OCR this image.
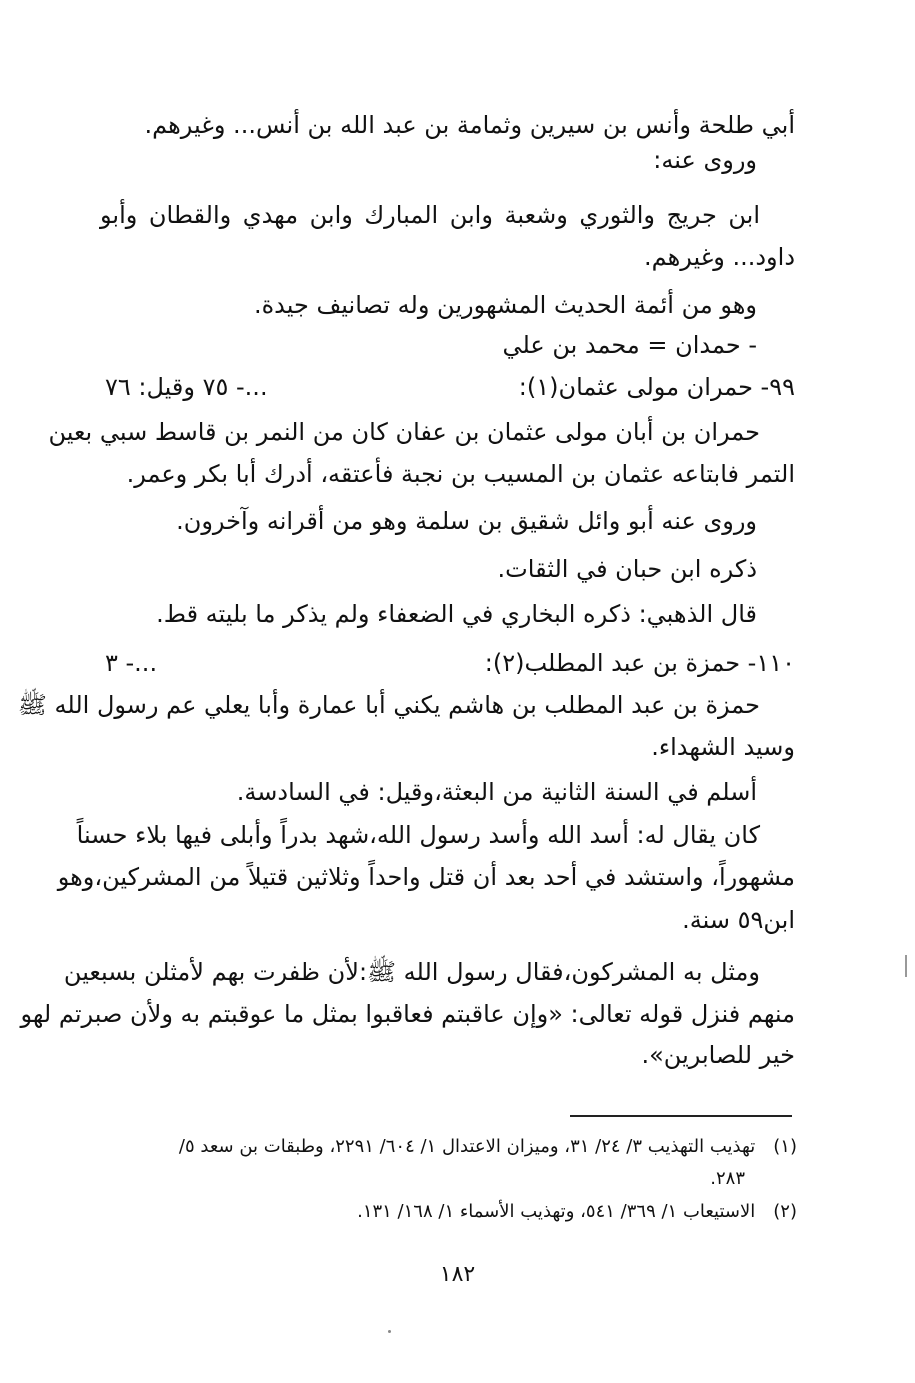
أبي طلحة وأنس بن سيرين وثمامة بن عبد الله بن أنس... وغيرهم.
وروى عنه:
ابن جريج والثوري وشعبة وابن المبارك وابن مهدي والقطان وأبو
داود... وغيرهم.
وهو من أئمة الحديث المشهورين وله تصانيف جيدة.
- حمدان = محمد بن علي
٩٩- حمران مولى عثمان(١):
...- ٧٥ وقيل: ٧٦
حمران بن أبان مولى عثمان بن عفان كان من النمر بن قاسط سبي بعين
التمر فابتاعه عثمان بن المسيب بن نجبة فأعتقه، أدرك أبا بكر وعمر.
وروى عنه أبو وائل شقيق بن سلمة وهو من أقرانه وآخرون.
ذكره ابن حبان في الثقات.
قال الذهبي: ذكره البخاري في الضعفاء ولم يذكر ما بليته قط.
١١٠- حمزة بن عبد المطلب(٢):
...- ٣
حمزة بن عبد المطلب بن هاشم يكني أبا عمارة وأبا يعلي عم رسول الله ﷺ
وسيد الشهداء.
أسلم في السنة الثانية من البعثة،وقيل: في السادسة.
كان يقال له: أسد الله وأسد رسول الله،شهد بدراً وأبلى فيها بلاء حسناً
مشهوراً، واستشد في أحد بعد أن قتل واحداً وثلاثين قتيلاً من المشركين،وهو
ابن٥٩ سنة.
ومثل به المشركون،فقال رسول الله ﷺ:لأن ظفرت بهم لأمثلن بسبعين
منهم فنزل قوله تعالى: «وإن عاقبتم فعاقبوا بمثل ما عوقبتم به ولأن صبرتم لهو
خير للصابرين».
(١) تهذيب التهذيب ٣/ ٢٤/ ٣١، وميزان الاعتدال ١/ ٦٠٤/ ٢٢٩١، وطبقات بن سعد ٥/
٢٨٣.
(٢) الاستيعاب ١/ ٣٦٩/ ٥٤١، وتهذيب الأسماء ١/ ١٦٨/ ١٣١.
١٨٢
